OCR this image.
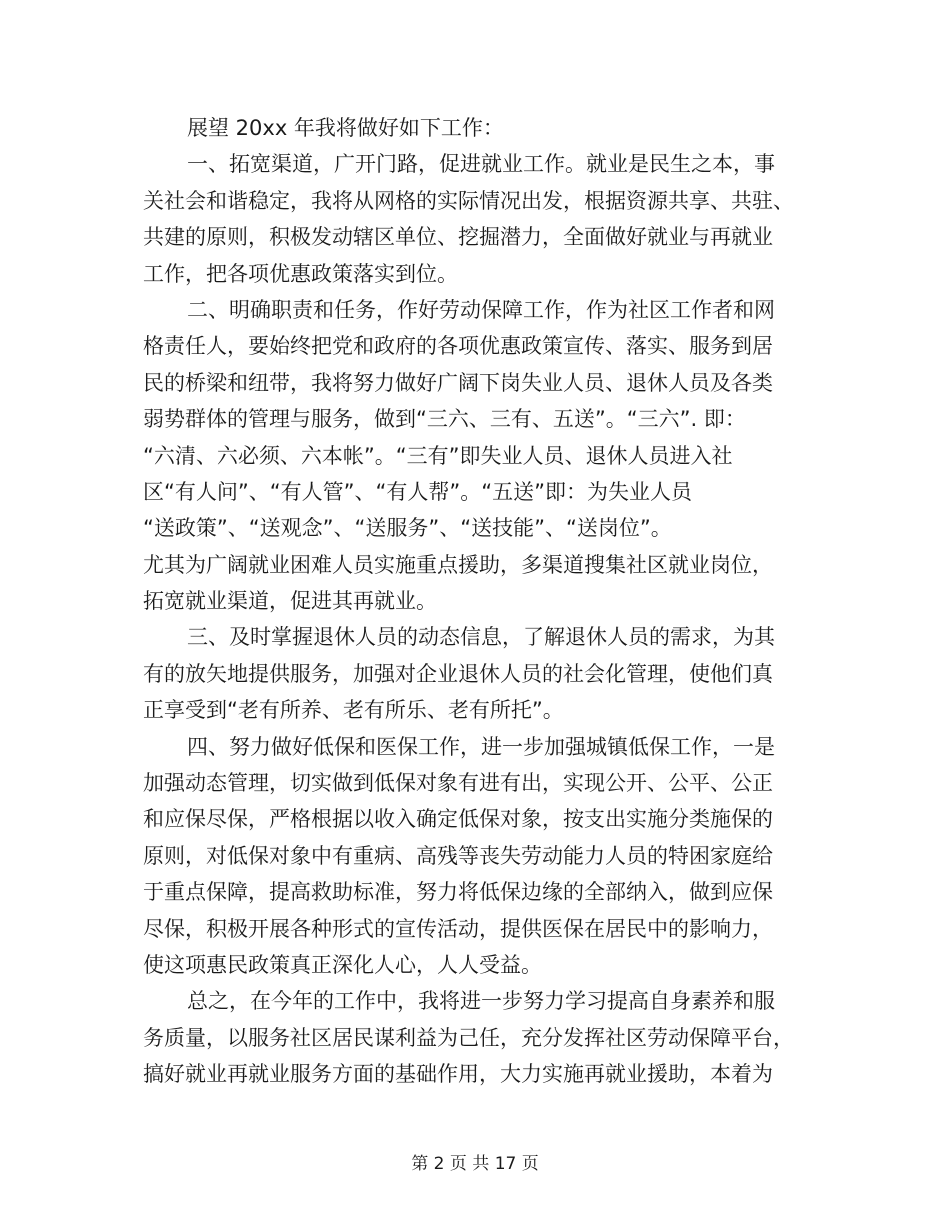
展望 20xx 年我将做好如下工作：
一、拓宽渠道，广开门路，促进就业工作。就业是民生之本，事
关社会和谐稳定，我将从网格的实际情况出发，根据资源共享、共驻、
共建的原则，积极发动辖区单位、挖掘潜力，全面做好就业与再就业
工作，把各项优惠政策落实到位。
二、明确职责和任务，作好劳动保障工作，作为社区工作者和网
格责任人，要始终把党和政府的各项优惠政策宣传、落实、服务到居
民的桥梁和纽带，我将努力做好广阔下岗失业人员、退休人员及各类
弱势群体的管理与服务，做到“三六、三有、五送”。“三六”. 即：
“六清、六必须、六本帐”。“三有”即失业人员、退休人员进入社
区“有人问”、“有人管”、“有人帮”。“五送”即：为失业人员
“送政策”、“送观念”、“送服务”、“送技能”、“送岗位”。
尤其为广阔就业困难人员实施重点援助，多渠道搜集社区就业岗位，
拓宽就业渠道，促进其再就业。
三、及时掌握退休人员的动态信息，了解退休人员的需求，为其
有的放矢地提供服务，加强对企业退休人员的社会化管理，使他们真
正享受到“老有所养、老有所乐、老有所托”。
四、努力做好低保和医保工作，进一步加强城镇低保工作，一是
加强动态管理，切实做到低保对象有进有出，实现公开、公平、公正
和应保尽保，严格根据以收入确定低保对象，按支出实施分类施保的
原则，对低保对象中有重病、高残等丧失劳动能力人员的特困家庭给
于重点保障，提高救助标准，努力将低保边缘的全部纳入，做到应保
尽保，积极开展各种形式的宣传活动，提供医保在居民中的影响力，
使这项惠民政策真正深化人心，人人受益。
总之，在今年的工作中，我将进一步努力学习提高自身素养和服
务质量，以服务社区居民谋利益为己任，充分发挥社区劳动保障平台，
搞好就业再就业服务方面的基础作用，大力实施再就业援助，本着为
第 2 页 共 17 页
